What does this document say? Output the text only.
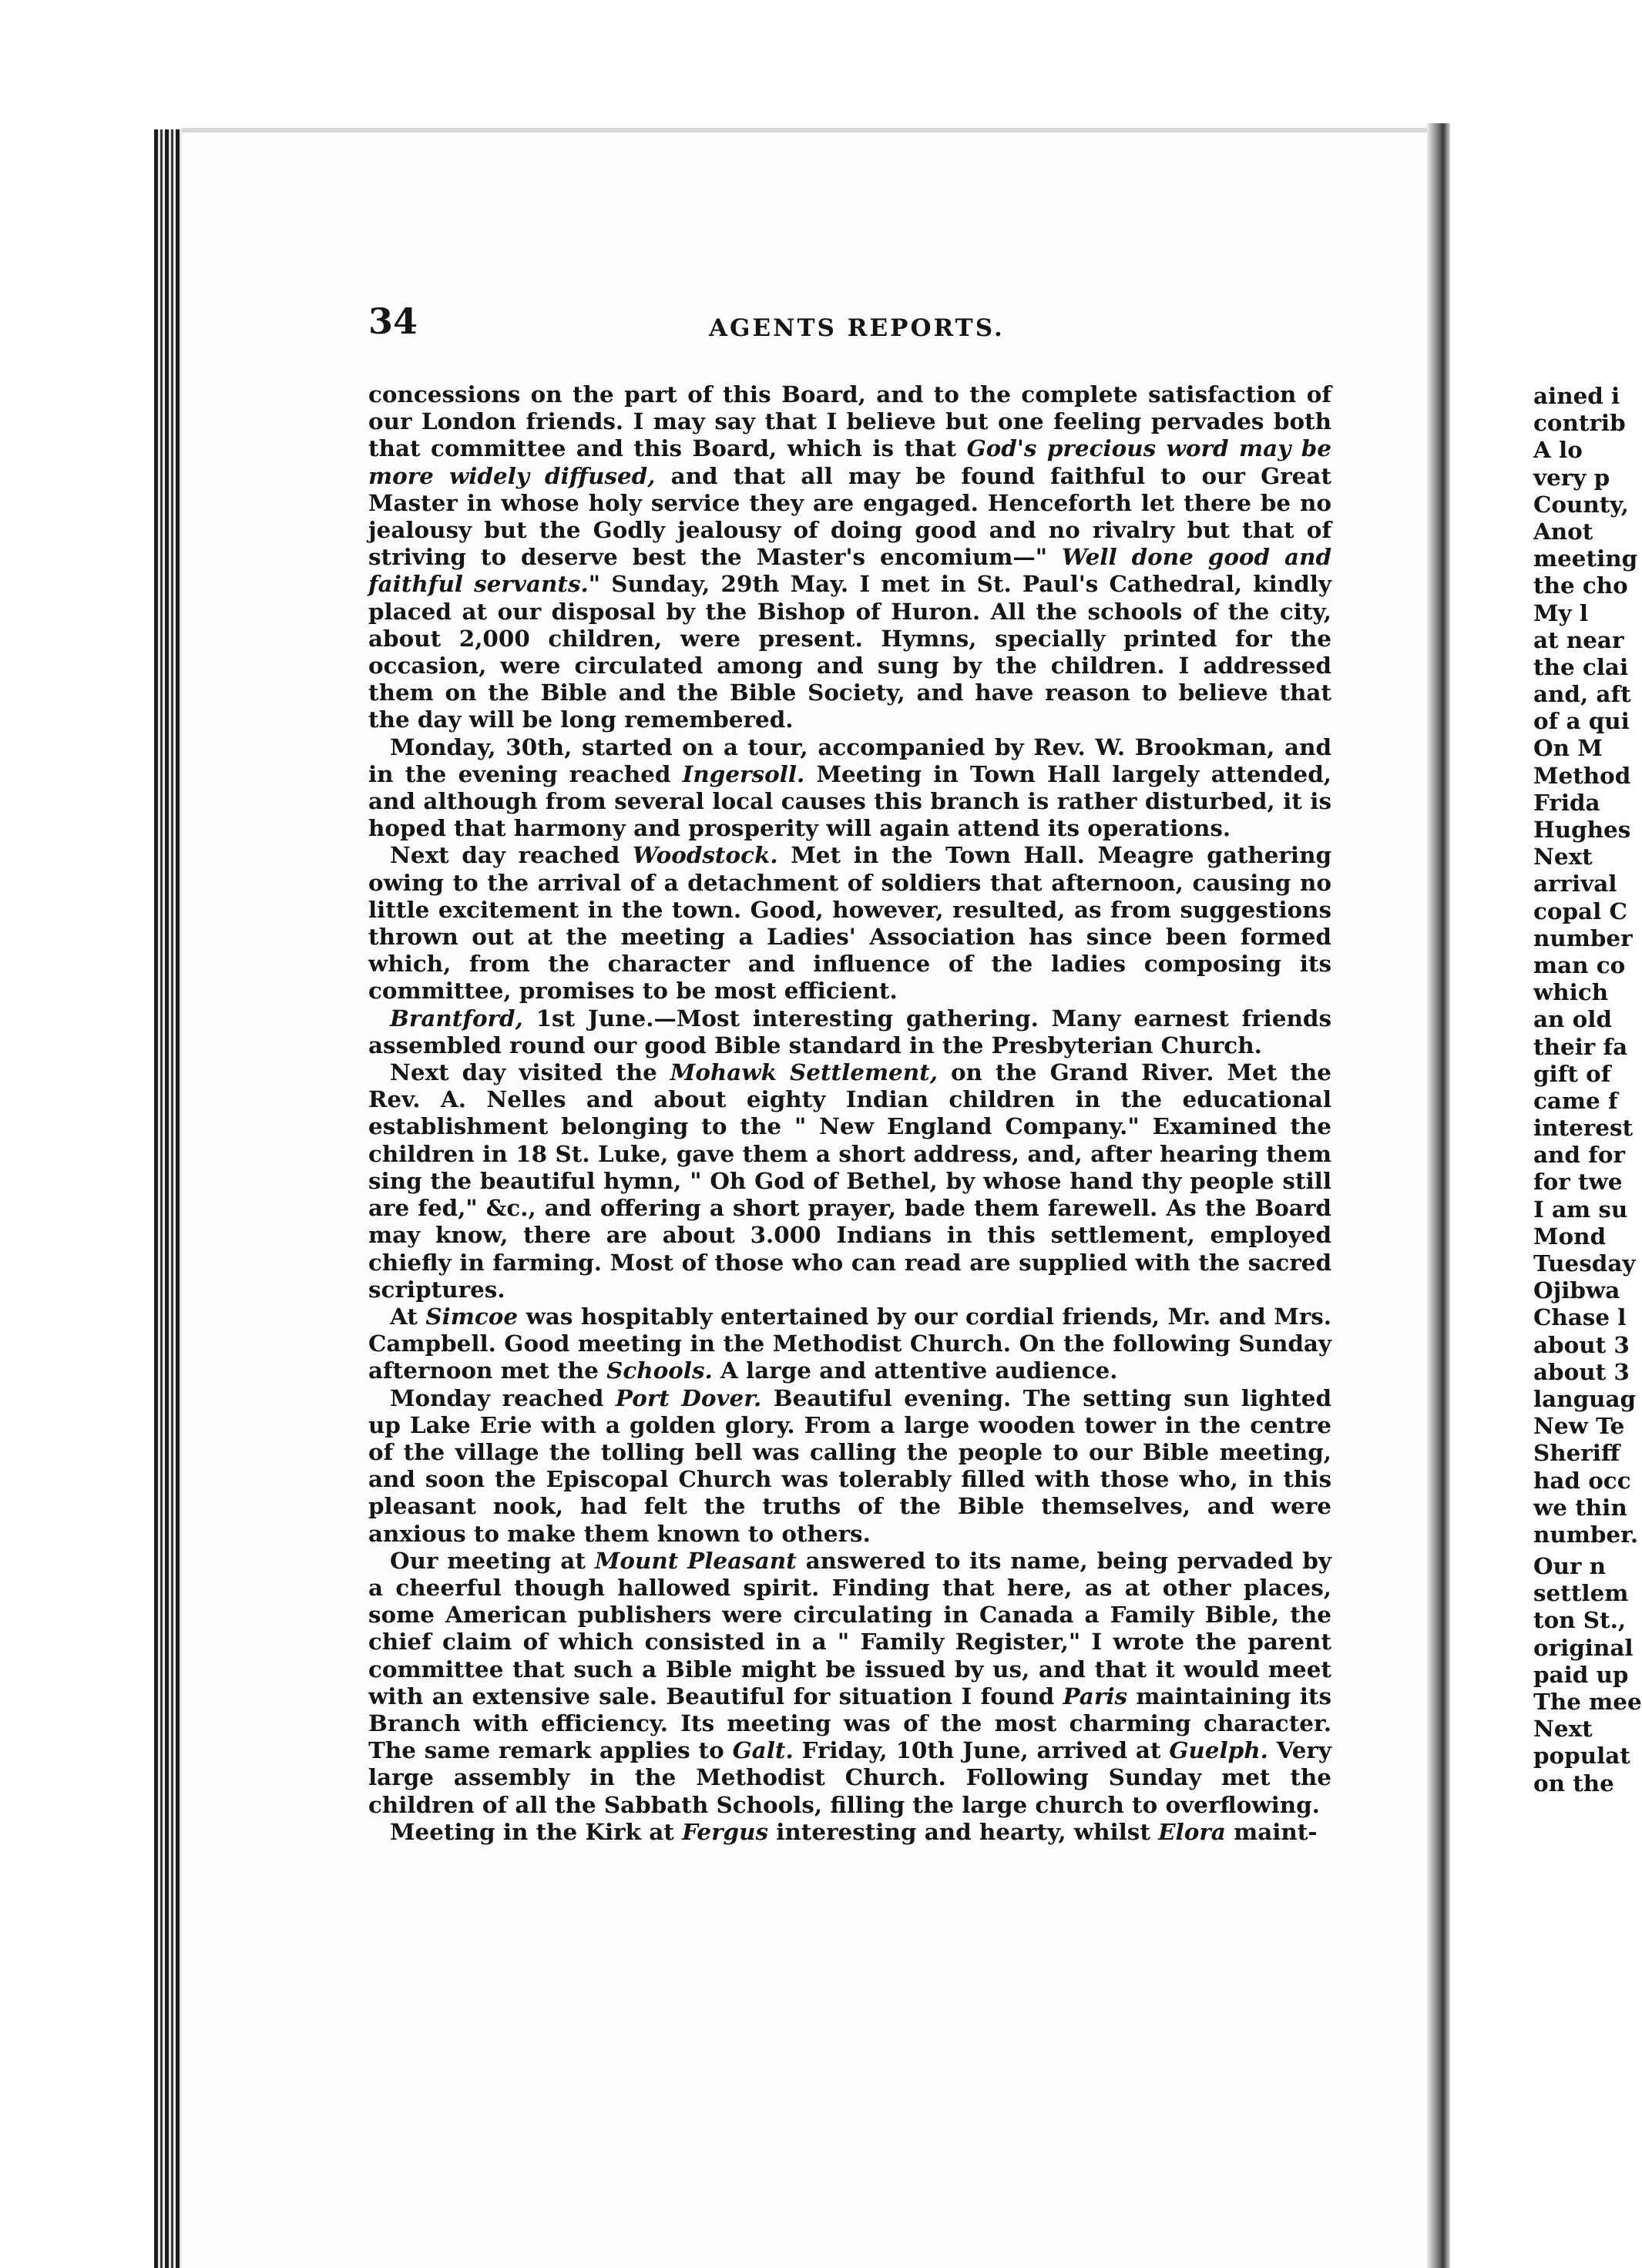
34	AGENTS REPORTS.

concessions on the part of this Board, and to the complete satisfaction of our London friends. I may say that I believe but one feeling pervades both that committee and this Board, which is that God's precious word may be more widely diffused, and that all may be found faithful to our Great Master in whose holy service they are engaged. Henceforth let there be no jealousy but the Godly jealousy of doing good and no rivalry but that of striving to deserve best the Master's encomium—" Well done good and faithful servants." Sunday, 29th May. I met in St. Paul's Cathedral, kindly placed at our disposal by the Bishop of Huron. All the schools of the city, about 2,000 children, were present. Hymns, specially printed for the occasion, were circulated among and sung by the children. I addressed them on the Bible and the Bible Society, and have reason to believe that the day will be long remembered.

Monday, 30th, started on a tour, accompanied by Rev. W. Brookman, and in the evening reached Ingersoll. Meeting in Town Hall largely attended, and although from several local causes this branch is rather disturbed, it is hoped that harmony and prosperity will again attend its operations.

Next day reached Woodstock. Met in the Town Hall. Meagre gathering owing to the arrival of a detachment of soldiers that afternoon, causing no little excitement in the town. Good, however, resulted, as from suggestions thrown out at the meeting a Ladies' Association has since been formed which, from the character and influence of the ladies composing its committee, promises to be most efficient.

Brantford, 1st June.—Most interesting gathering. Many earnest friends assembled round our good Bible standard in the Presbyterian Church.

Next day visited the Mohawk Settlement, on the Grand River. Met the Rev. A. Nelles and about eighty Indian children in the educational establishment belonging to the " New England Company." Examined the children in 18 St. Luke, gave them a short address, and, after hearing them sing the beautiful hymn, " Oh God of Bethel, by whose hand thy people still are fed," &c., and offering a short prayer, bade them farewell. As the Board may know, there are about 3.000 Indians in this settlement, employed chiefly in farming. Most of those who can read are supplied with the sacred scriptures.

At Simcoe was hospitably entertained by our cordial friends, Mr. and Mrs. Campbell. Good meeting in the Methodist Church. On the following Sunday afternoon met the Schools. A large and attentive audience.

Monday reached Port Dover. Beautiful evening. The setting sun lighted up Lake Erie with a golden glory. From a large wooden tower in the centre of the village the tolling bell was calling the people to our Bible meeting, and soon the Episcopal Church was tolerably filled with those who, in this pleasant nook, had felt the truths of the Bible themselves, and were anxious to make them known to others.

Our meeting at Mount Pleasant answered to its name, being pervaded by a cheerful though hallowed spirit. Finding that here, as at other places, some American publishers were circulating in Canada a Family Bible, the chief claim of which consisted in a " Family Register," I wrote the parent committee that such a Bible might be issued by us, and that it would meet with an extensive sale. Beautiful for situation I found Paris maintaining its Branch with efficiency. Its meeting was of the most charming character. The same remark applies to Galt. Friday, 10th June, arrived at Guelph. Very large assembly in the Methodist Church. Following Sunday met the children of all the Sabbath Schools, filling the large church to overflowing.

Meeting in the Kirk at Fergus interesting and hearty, whilst Elora maint-

ained i
contrib
A lo
very p
County,
Anot
meeting
the cho
My l
at near
the clai
and, aft
of a qui
On M
Method
Frida
Hughes
Next
arrival
copal C
number
man co
which
an old
their fa
gift of
came f
interest
and for
for twe
I am su
Mond
Tuesday
Ojibwa
Chase l
about 3
about 3
languag
New Te
Sheriff
had occ
we thin
number.
Our n
settlem
ton St.,
original
paid up
The mee
Next
populat
on the
